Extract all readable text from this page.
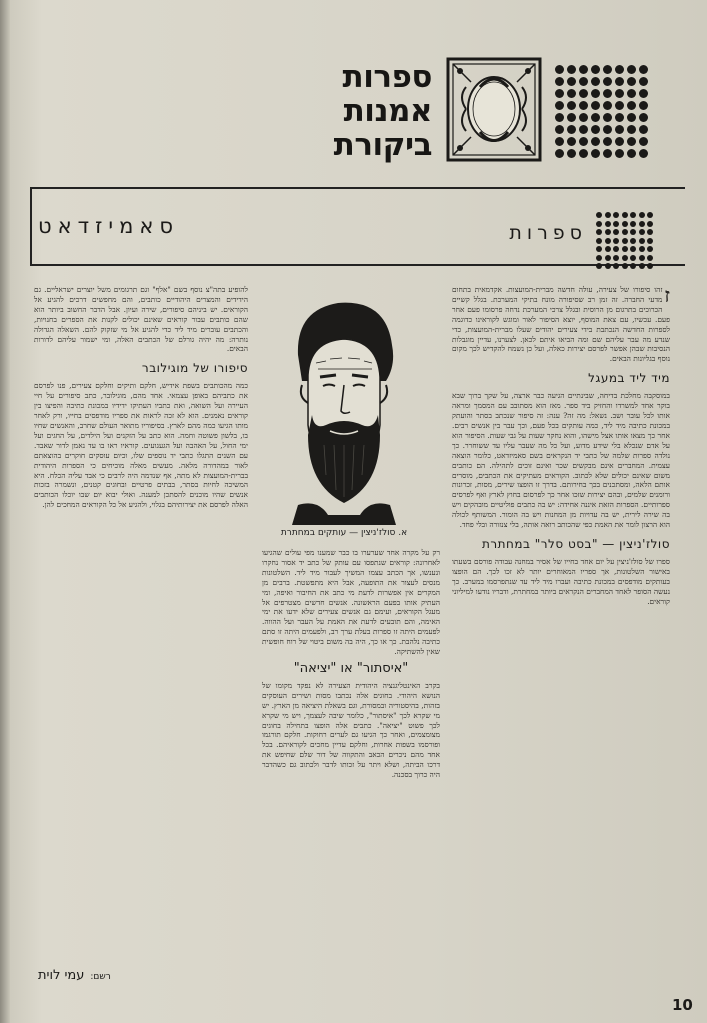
ספרות
אמנות
ביקורת
סאמיזדאט	ספרות

ז
זהו סיפורו של צעירה, עולה חדשה מברית-המועצות. אקדמאית בתחום מדעי החברה. זה זמן רב שסיפורה מונח בתיקי המערכת. בגלל קשיים הכרוכים בתרגום מן הרוסית ובגלל צרכי המערכת נדחה פרסומו פעם אחר פעם. עכשיו, עם צאת המוסף, יוצא הסיפור לאור ומוגש לקוראינו כדוגמה לספרות החדשה הנכתבת בידי צעירים יהודים שעלו מברית-המועצות, כדי שנדע מה עבר עליהם שם ומה הביאו איתם לכאן. לצערנו, עדיין מוגבלות הנסיבות שבהן אפשר לפרסם יצירות כאלה, ועל כן נשמח להקדיש לכך מקום נוסף בגליונות הבאים.

מיד ליד במעגל

במוסקבה מחלכת בדיחה, שבינתיים הגיעה כבר ארצה, על שקך ברוך שבא בוקר אחד למשרדו והחזיק ביד ספר. מאז הוא מסתובב עם המסמך ומראה אותו לכל עובר ושב. נשאל: מה זה? ענה: זה סיפור שנכתב בסתר והועתק במכונת כתיבה מיד ליד, כמה עותקים בכל פעם, וכך עבר בין אנשים רבים. אחר כך מצאו אותו אצל מישהו, והוא נחקר שעות על גבי שעות. הסיפור הוא על אדם שנכלא בלי שידע מדוע, ועל כל מה שעבר עליו עד ששוחרר. כך נולדה ספרות שלמה של כתבי יד הנקראים בשם סאמיזדאט, כלומר הוצאה עצמית. המחברים אינם מבקשים שכר ואינם זוכים לתהילה. הם כותבים משום שאינם יכולים שלא לכתוב. הקוראים מעתיקים את הכתבים, מוסרים אותם הלאה, ומסתכנים בכך בחירותם. בדרך זו הופצו שירים, מסות, זכרונות ורומנים שלמים, ובהם יצירות שזכו אחר כך לפרסום בחוץ לארץ ואף לפרסים ספרותיים. הספרות הזאת איננה אחידה: יש בה כתבים פוליטיים מובהקים ויש בה שירה לירית, יש בה עדויות מן המחנות ויש בה הומור. המשותף לכולה הוא הרצון לומר את האמת כפי שהכותב רואה אותה, בלי צנזורה ובלי פחד.

סולז'ניצין — "בסט סלר" במחתרת

ספרו של סולז'ניצין על יום אחד בחייו של אסיר במחנה עבודה פורסם בשעתו באישור השלטונות, אך ספריו המאוחרים יותר לא זכו לכך. הם הופצו בעותקים מודפסים במכונת כתיבה ועברו מיד ליד עד שנתפרסמו במערב. כך נעשה הסופר לאחד המחברים הנקראים ביותר במחתרת, ודבריו נודעו למיליוני קוראים.

א. סולז'ניצין — עותקים במחתרת

רק על מקרה אחד שערערו בו כבר שמענו מפי עולים שהגיעו לאחרונה: קוראים שנתפסו עם עותק של כתב יד אסור נחקרו ונענשו, אך הכתב עצמו המשיך לעבור מיד ליד. השלטונות מנסים לעצור את התופעה, אבל היא מתפשטת. ברבים מן המקרים אין אפשרות לדעת מי כתב את החיבור ואיפה, ומי העתיק אותו בפעם הראשונה. אנשים חדשים מצטרפים אל מעגל הקוראים, ועימם גם אנשים צעירים שלא ידעו את ימי האימה, והם תובעים לדעת את האמת על העבר ועל ההווה. לפעמים היתה זו ספרות בעלת ערך רב, ולפעמים היתה זו סתם כתיבה נלהבת. כך או כך, היה בה משום ביטוי של רוח חופשית שאין להשתיקה.

"איסתור" או "יציאה"

בקרב האינטליגנציה היהודית הצעירה לא נפקד מקומו של הנושא היהודי. בחוגים אלה נכתבו מסות ושירים העוסקים בזהות, בהיסטוריה ובמסורת, וגם בשאלת היציאה מן הארץ. יש מי שקרא לכך "איסתור", כלומר שיבה לעצמך, ויש מי שקרא לכך פשוט "יציאה". כתבים אלה הופצו בתחילה בחוגים מצומצמים, ואחר כך הגיעו גם לערים רחוקות. חלקם תורגמו ופורסמו בשפות אחרות, וחלקם עדיין מחכים לקוראיהם. בכל אחד מהם ניכרים הכאב והתקווה של דור שלם שחיפש את דרכו הביתה, ושלא ויתר על זכותו לדבר ולכתוב גם כשהדבר היה כרוך בסכנה.

להופיע בתה"צ נוסף בשם "אלף" וגם תרגומים משל יוצרים ישראליים. גם הידידים והמצרים היהודיים כותבים, והם מחפשים דרכים להגיע אל הקוראים. יש ביניהם סיפורים, שירה ועיון. אבל הדבר החשוב ביותר הוא שהם כותבים עבור קוראים שאינם יכולים לקנות את הספרים בחנויות, והכתבים עוברים מיד ליד כדי להגיע אל מי שזקוק להם. השאלה הגדולה נותרה: מה יהיה גורלם של הכתבים האלה, ומי ישמור עליהם לדורות הבאים.

סיפורו של מוגילובר

כמה מהכותבים בשפת אידיש, חלקם ותיקים וחלקם צעירים, פנו לפרסם את כתביהם באופן עצמאי. אחד מהם, מוגילובר, כתב סיפורים על חיי העיירה ועל השואה, ואת כתביו העתיקו ידידיו במכונת כתיבה והפיצו בין קוראים נאמנים. הוא לא זכה לראות את ספריו מודפסים בחייו, ורק לאחר מותו הגיעו כמה מהם לארץ. בסיפוריו מתואר העולם שחרב, והאנשים שחיו בו, בלשון פשוטה וחמה. הוא כתב על הזקנים ועל הילדים, על החגים ועל ימי החול, על האהבה ועל הגעגועים. קוראיו ראו בו עד נאמן לדור שאבד. עם השנים התגלו כתבי יד נוספים שלו, וכיום עוסקים חוקרים בהוצאתם לאור במהדורה מלאה. מעשים מאלה מוכיחים כי הספרות היהודית בברית-המועצות לא מתה, אף שנדמה היה לרבים כי אבד עליה הכלח. היא המשיכה לחיות בסתר, בבתים פרטיים ובחוגים קטנים, ונשמרה בזכות אנשים שהיו מוכנים להסתכן למענה. ואולי יבוא יום שבו יוכלו הכותבים האלה לפרסם את יצירותיהם בגלוי, ולהגיע אל כל הקוראים המחכים להן.

רשם:עמי לוית
10
